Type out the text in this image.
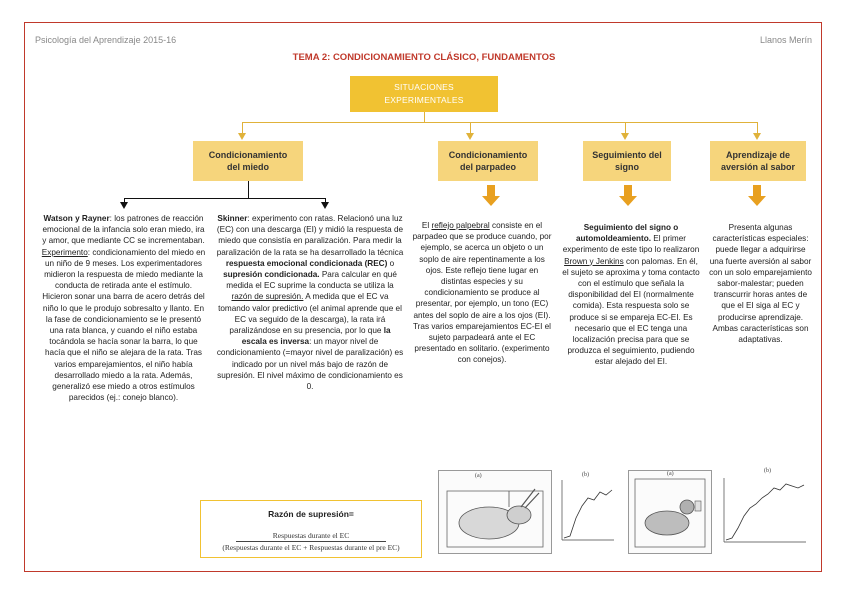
Psicología del Aprendizaje 2015-16	Llanos Merín
TEMA 2: CONDICIONAMIENTO CLÁSICO, FUNDAMENTOS
SITUACIONES
EXPERIMENTALES
Condicionamiento
del miedo
Condicionamiento
del parpadeo
Seguimiento del
signo
Aprendizaje de
aversión al sabor
Watson y Rayner: los patrones de reacción emocional de la infancia solo eran miedo, ira y amor, que mediante CC se incrementaban. Experimento: condicionamiento del miedo en un niño de 9 meses. Los experimentadores midieron la respuesta de miedo mediante la conducta de retirada ante el estímulo. Hicieron sonar una barra de acero detrás del niño lo que le produjo sobresalto y llanto. En la fase de condicionamiento se le presentó una rata blanca, y cuando el niño estaba tocándola se hacía sonar la barra, lo que hacía que el niño se alejara de la rata. Tras varios emparejamientos, el niño había desarrollado miedo a la rata. Además, generalizó ese miedo a otros estímulos parecidos (ej.: conejo blanco).
Skinner: experimento con ratas. Relacionó una luz (EC) con una descarga (EI) y midió la respuesta de miedo que consistía en paralización. Para medir la paralización de la rata se ha desarrollado la técnica respuesta emocional condicionada (REC) o supresión condicionada. Para calcular en qué medida el EC suprime la conducta se utiliza la razón de supresión. A medida que el EC va tomando valor predictivo (el animal aprende que el EC va seguido de la descarga), la rata irá paralizándose en su presencia, por lo que la escala es inversa: un mayor nivel de condicionamiento (=mayor nivel de paralización) es indicado por un nivel más bajo de razón de supresión. El nivel máximo de condicionamiento es 0.
Razón de supresión=
Respuestas durante el EC
(Respuestas durante el EC + Respuestas durante el pre EC)
El reflejo palpebral consiste en el parpadeo que se produce cuando, por ejemplo, se acerca un objeto o un soplo de aire repentinamente a los ojos. Este reflejo tiene lugar en distintas especies y su condicionamiento se produce al presentar, por ejemplo, un tono (EC) antes del soplo de aire a los ojos (EI). Tras varios emparejamientos EC-EI el sujeto parpadeará ante el EC presentado en solitario. (experimento con conejos).
Seguimiento del signo o automoldeamiento. El primer experimento de este tipo lo realizaron Brown y Jenkins con palomas. En él, el sujeto se aproxima y toma contacto con el estímulo que señala la disponibilidad del EI (normalmente comida). Esta respuesta solo se produce si se empareja EC-EI. Es necesario que el EC tenga una localización precisa para que se produzca el seguimiento, pudiendo estar alejado del EI.
Presenta algunas características especiales: puede llegar a adquirirse una fuerte aversión al sabor con un solo emparejamiento sabor-malestar; pueden transcurrir horas antes de que el EI siga al EC y producirse aprendizaje. Ambas características son adaptativas.
(a)	(b)	(a)	(b)
